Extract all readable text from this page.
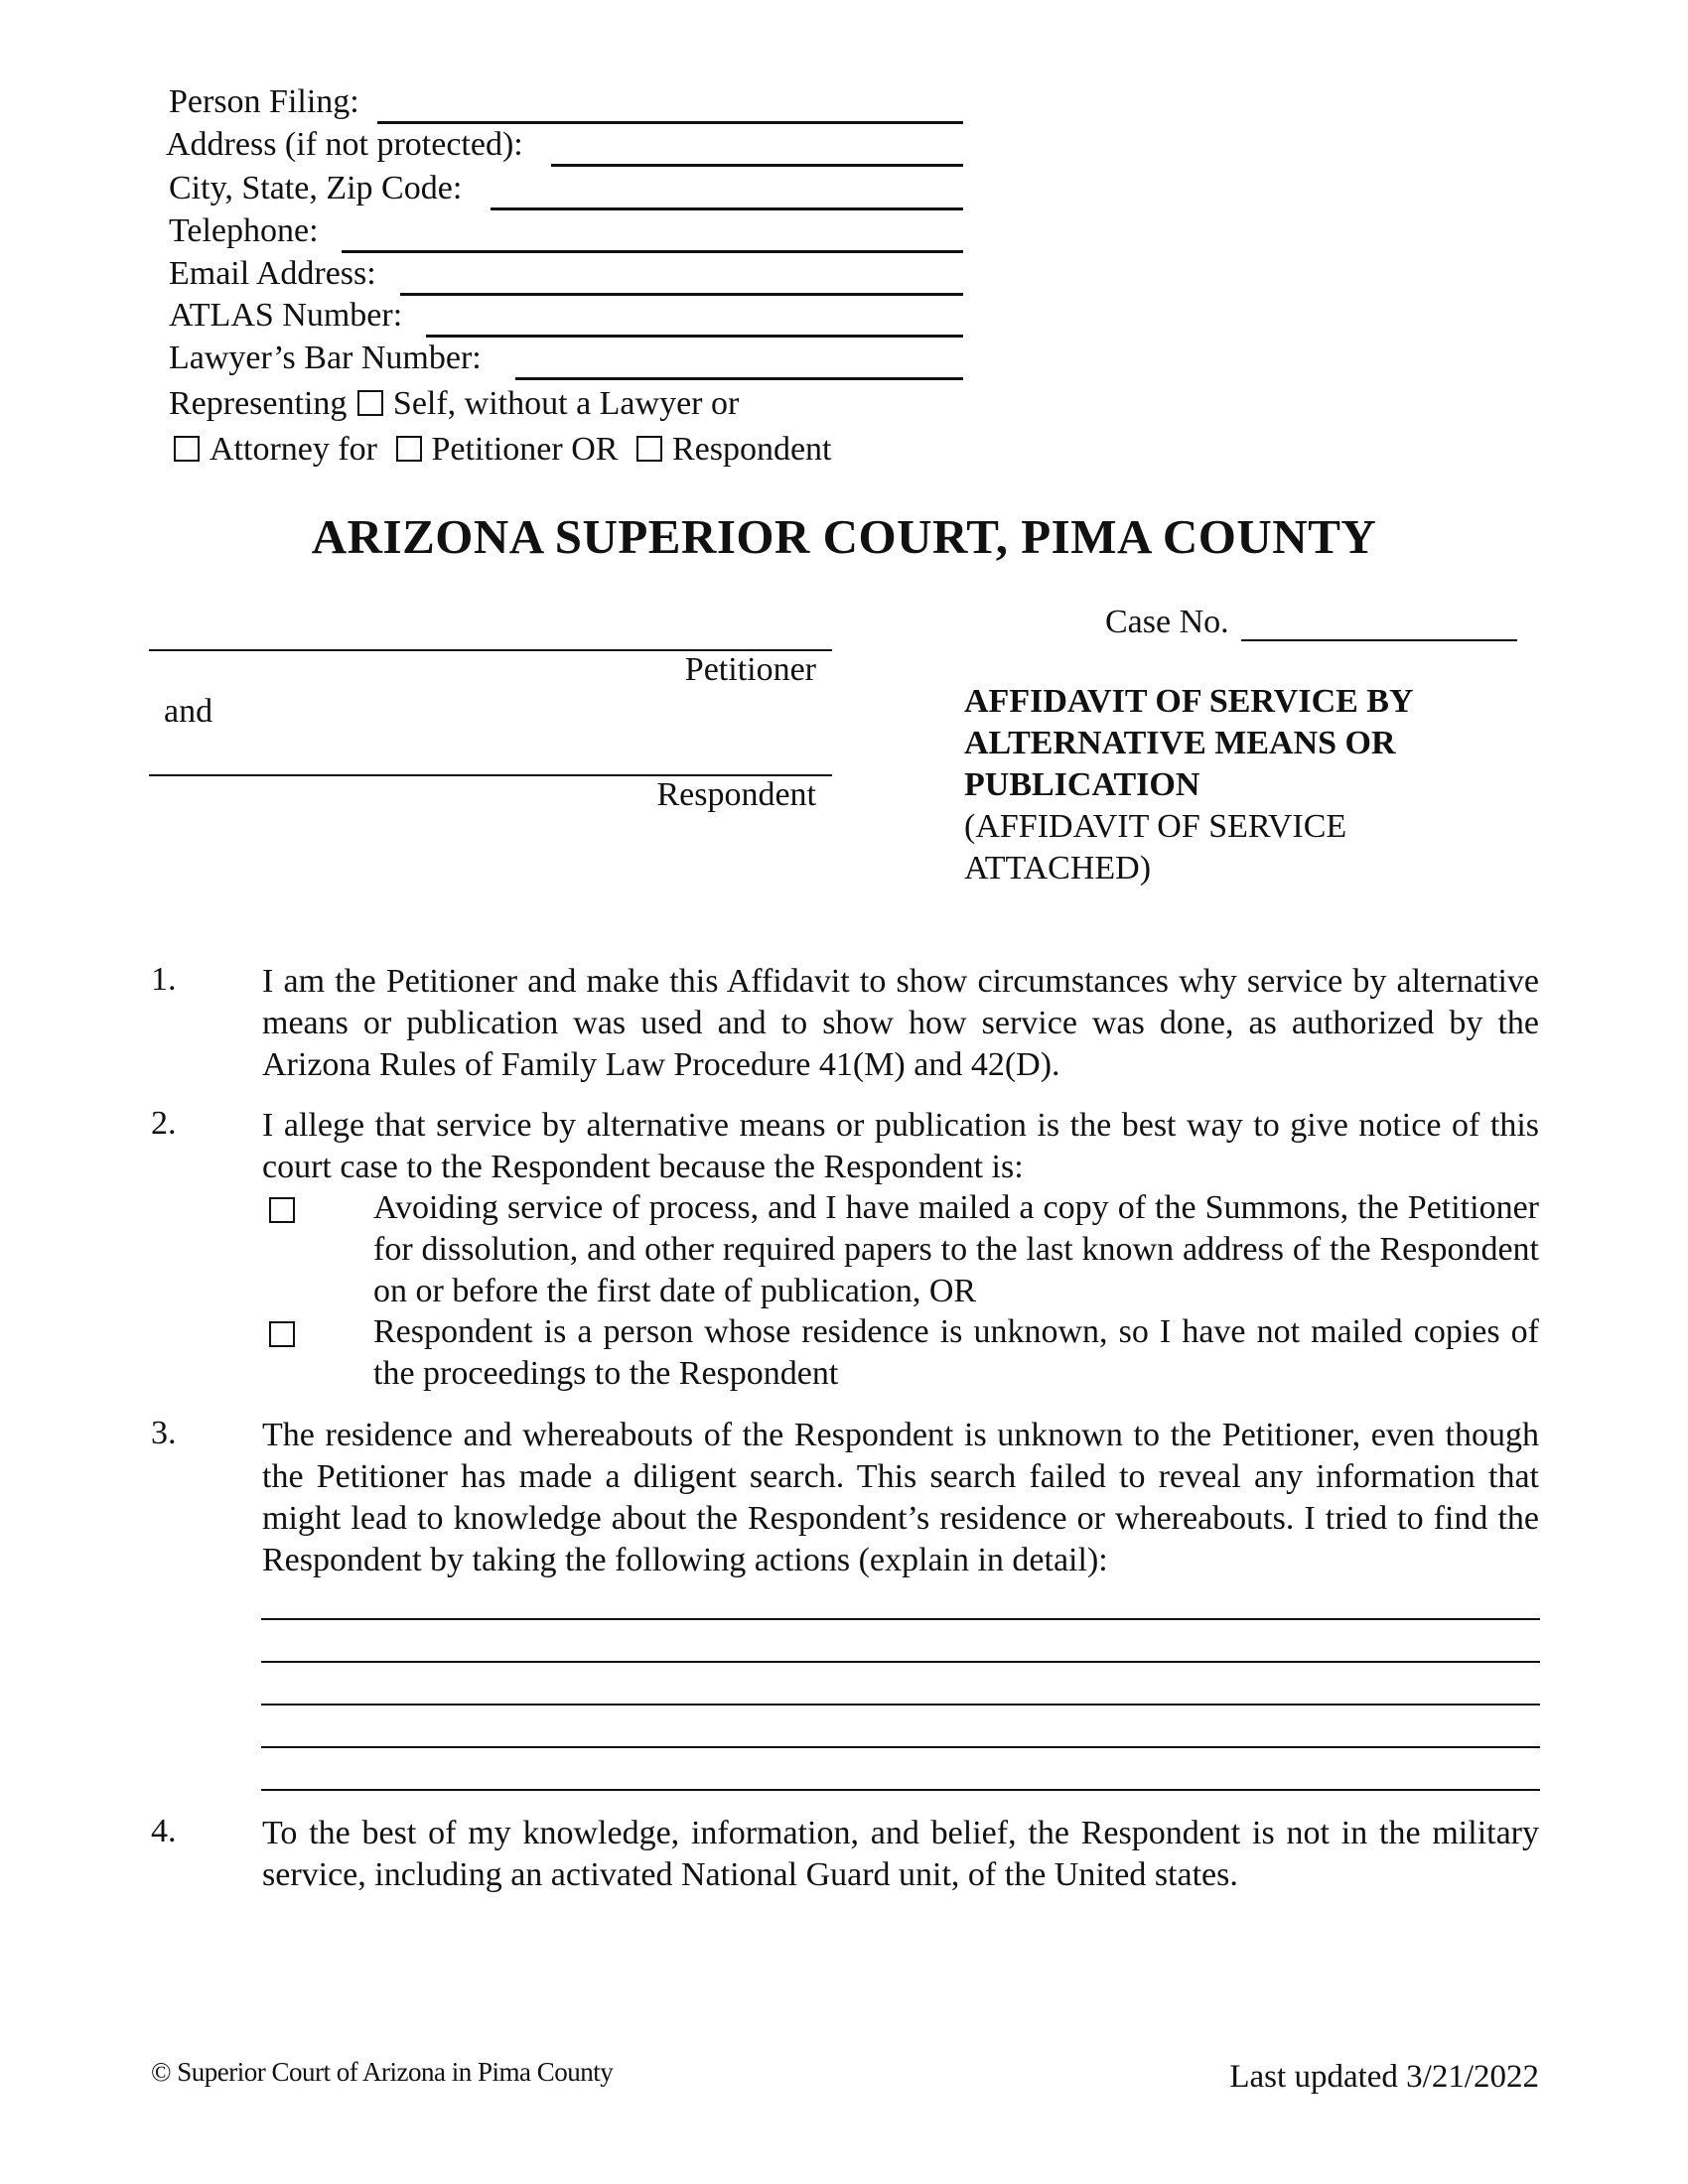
Person Filing:
Address (if not protected):
City, State, Zip Code:
Telephone:
Email Address:
ATLAS Number:
Lawyer’s Bar Number:
Representing Self, without a Lawyer or
Attorney for Petitioner OR Respondent
ARIZONA SUPERIOR COURT, PIMA COUNTY
Case No.
Petitioner
and
Respondent
AFFIDAVIT OF SERVICE BY ALTERNATIVE MEANS OR PUBLICATION
(AFFIDAVIT OF SERVICE ATTACHED)
1.	I am the Petitioner and make this Affidavit to show circumstances why service by alternative means or publication was used and to show how service was done, as authorized by the Arizona Rules of Family Law Procedure 41(M) and 42(D).
2.	I allege that service by alternative means or publication is the best way to give notice of this court case to the Respondent because the Respondent is:
Avoiding service of process, and I have mailed a copy of the Summons, the Petitioner for dissolution, and other required papers to the last known address of the Respondent on or before the first date of publication, OR
Respondent is a person whose residence is unknown, so I have not mailed copies of the proceedings to the Respondent
3.	The residence and whereabouts of the Respondent is unknown to the Petitioner, even though the Petitioner has made a diligent search. This search failed to reveal any information that might lead to knowledge about the Respondent’s residence or whereabouts. I tried to find the Respondent by taking the following actions (explain in detail):
4.	To the best of my knowledge, information, and belief, the Respondent is not in the military service, including an activated National Guard unit, of the United states.
© Superior Court of Arizona in Pima County	Last updated 3/21/2022
